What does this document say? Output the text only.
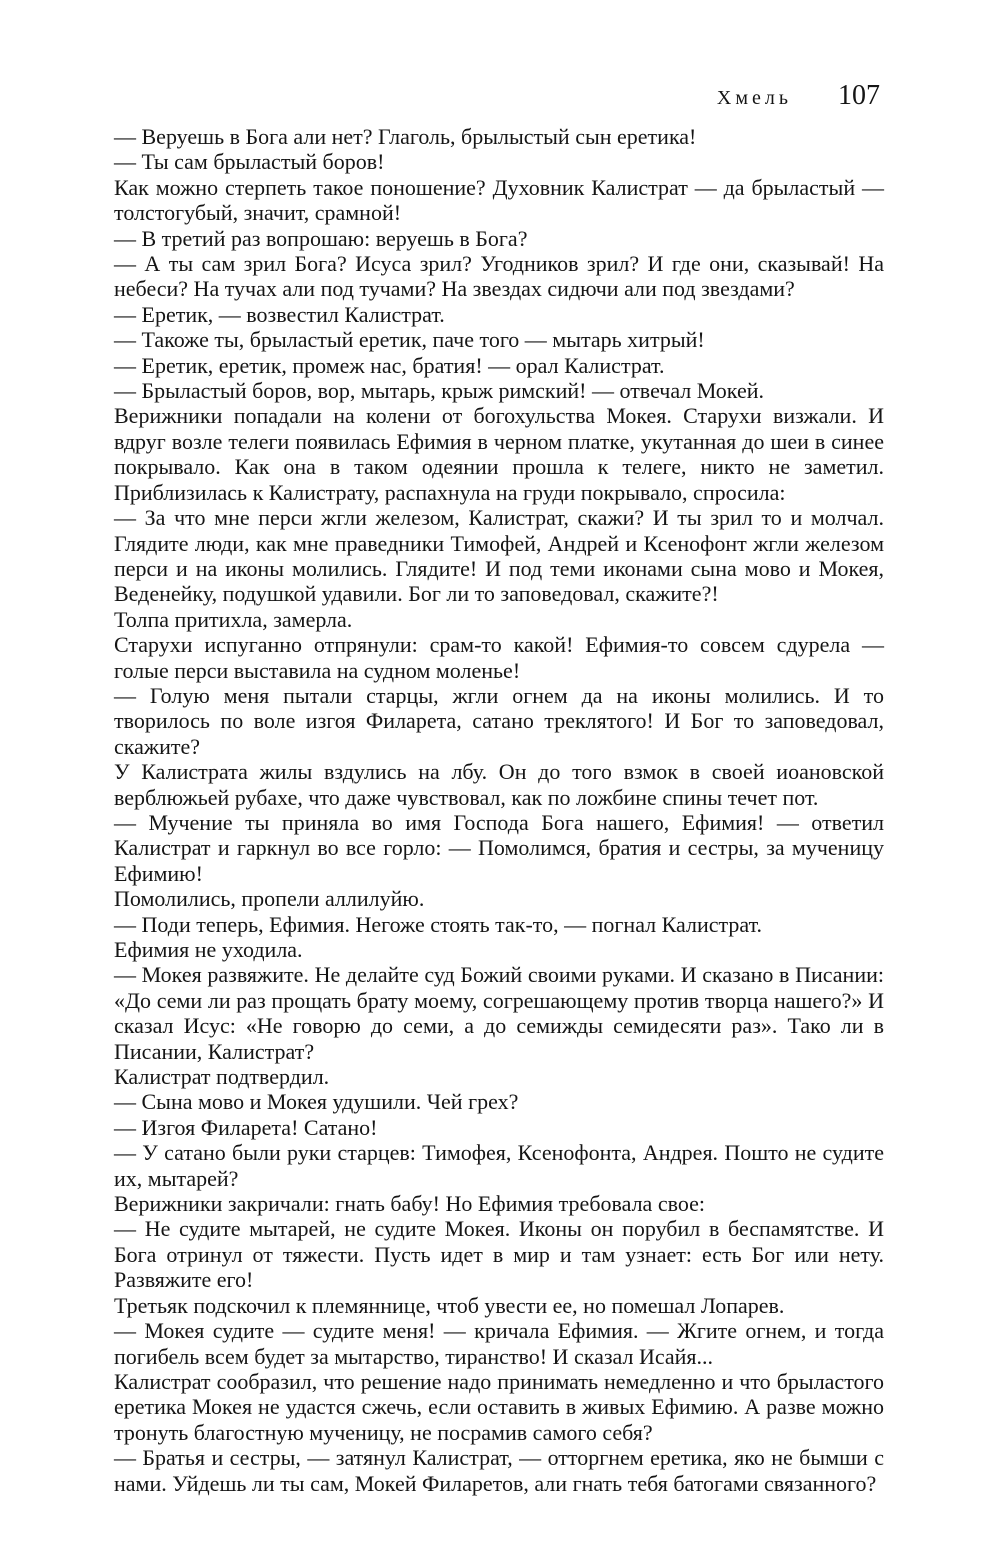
Хмель 107

— Веруешь в Бога али нет? Глаголь, брылыстый сын еретика!

— Ты сам брыластый боров!

Как можно стерпеть такое поношение? Духовник Калистрат — да брыластый — толстогубый, значит, срамной!

— В третий раз вопрошаю: веруешь в Бога?

— А ты сам зрил Бога? Исуса зрил? Угодников зрил? И где они, сказывай! На небеси? На тучах али под тучами? На звездах сидючи али под звездами?

— Еретик, — возвестил Калистрат.

— Такоже ты, брыластый еретик, паче того — мытарь хитрый!

— Еретик, еретик, промеж нас, братия! — орал Калистрат.

— Брыластый боров, вор, мытарь, крыж римский! — отвечал Мокей.

Верижники попадали на колени от богохульства Мокея. Старухи визжали. И вдруг возле телеги появилась Ефимия в черном платке, укутанная до шеи в синее покрывало. Как она в таком одеянии прошла к телеге, никто не заметил. Приблизилась к Калистрату, распахнула на груди покрывало, спросила:

— За что мне перси жгли железом, Калистрат, скажи? И ты зрил то и молчал. Глядите люди, как мне праведники Тимофей, Андрей и Ксенофонт жгли железом перси и на иконы молились. Глядите! И под теми иконами сына мово и Мокея, Веденейку, подушкой удавили. Бог ли то заповедовал, скажите?!

Толпа притихла, замерла.

Старухи испуганно отпрянули: срам-то какой! Ефимия-то совсем сдурела — голые перси выставила на судном моленье!

— Голую меня пытали старцы, жгли огнем да на иконы молились. И то творилось по воле изгоя Филарета, сатано треклятого! И Бог то заповедовал, скажите?

У Калистрата жилы вздулись на лбу. Он до того взмок в своей иоановской верблюжьей рубахе, что даже чувствовал, как по ложбине спины течет пот.

— Мучение ты приняла во имя Господа Бога нашего, Ефимия! — ответил Калистрат и гаркнул во все горло: — Помолимся, братия и сестры, за мученицу Ефимию!

Помолились, пропели аллилуйю.

— Поди теперь, Ефимия. Негоже стоять так-то, — погнал Калистрат.

Ефимия не уходила.

— Мокея развяжите. Не делайте суд Божий своими руками. И сказано в Писании: «До семи ли раз прощать брату моему, согрешающему против творца нашего?» И сказал Исус: «Не говорю до семи, а до семижды семидесяти раз». Тако ли в Писании, Калистрат?

Калистрат подтвердил.

— Сына мово и Мокея удушили. Чей грех?

— Изгоя Филарета! Сатано!

— У сатано были руки старцев: Тимофея, Ксенофонта, Андрея. Пошто не судите их, мытарей?

Верижники закричали: гнать бабу! Но Ефимия требовала свое:

— Не судите мытарей, не судите Мокея. Иконы он порубил в беспамятстве. И Бога отринул от тяжести. Пусть идет в мир и там узнает: есть Бог или нету. Развяжите его!

Третьяк подскочил к племяннице, чтоб увести ее, но помешал Лопарев.

— Мокея судите — судите меня! — кричала Ефимия. — Жгите огнем, и тогда погибель всем будет за мытарство, тиранство! И сказал Исайя...

Калистрат сообразил, что решение надо принимать немедленно и что брыластого еретика Мокея не удастся сжечь, если оставить в живых Ефимию. А разве можно тронуть благостную мученицу, не посрамив самого себя?

— Братья и сестры, — затянул Калистрат, — отторгнем еретика, яко не бымши с нами. Уйдешь ли ты сам, Мокей Филаретов, али гнать тебя батогами связанного?
